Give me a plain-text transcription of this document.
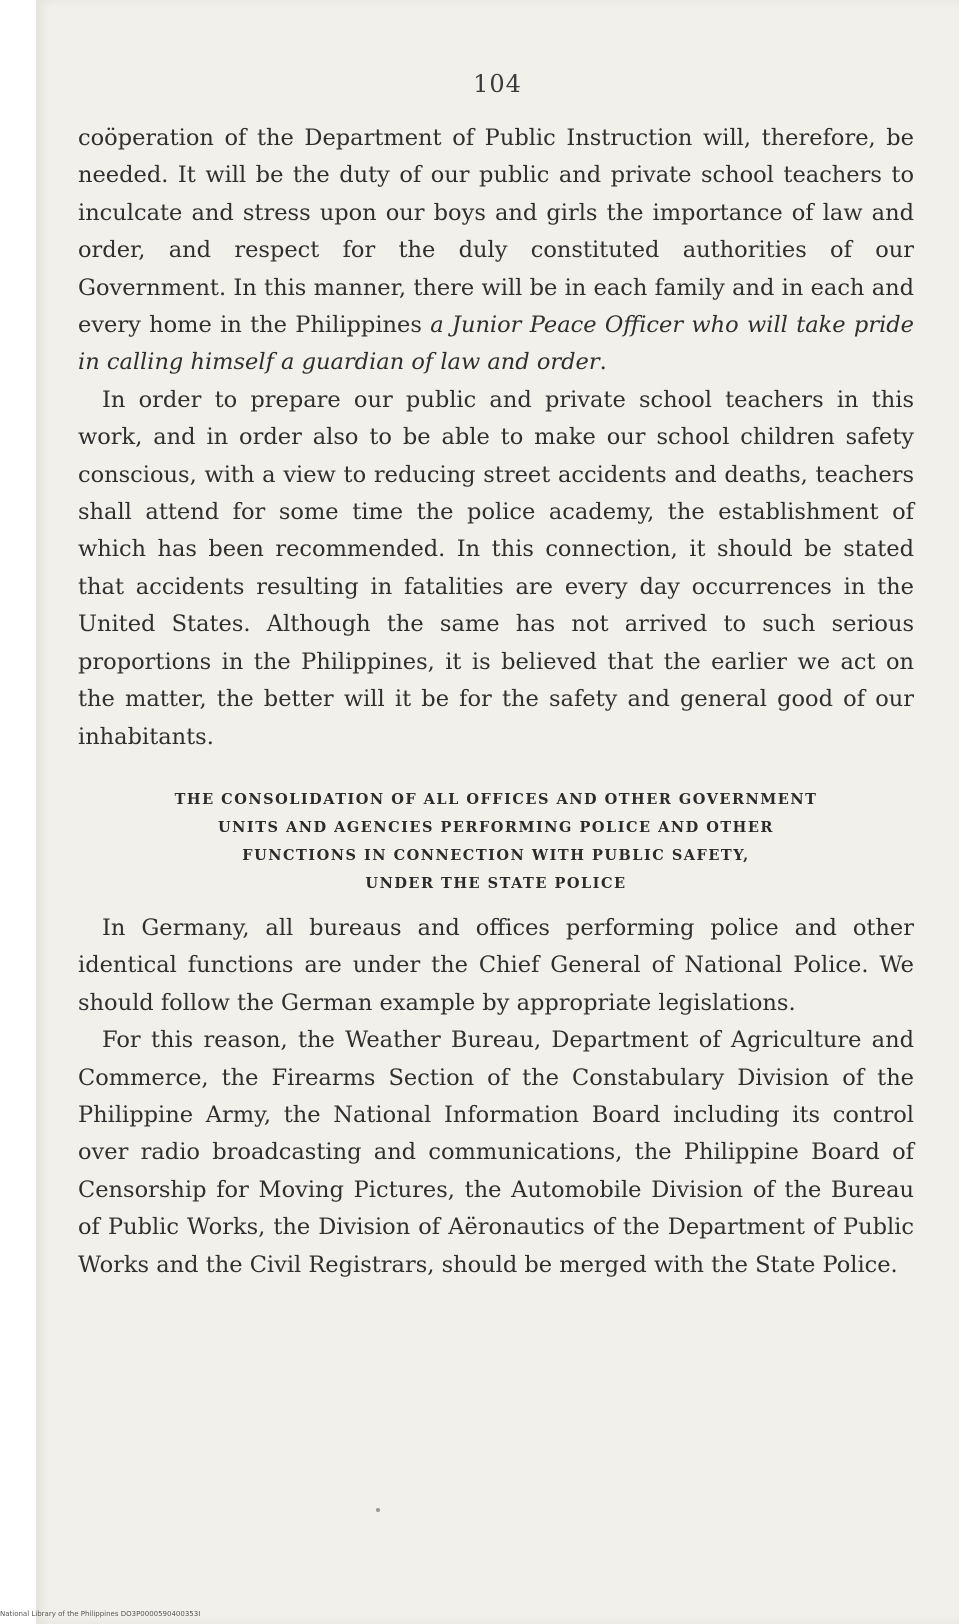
104

coöperation of the Department of Public Instruction will, therefore, be needed. It will be the duty of our public and private school teachers to inculcate and stress upon our boys and girls the importance of law and order, and respect for the duly constituted authorities of our Government. In this manner, there will be in each family and in each and every home in the Philippines a Junior Peace Officer who will take pride in calling himself a guardian of law and order.

In order to prepare our public and private school teachers in this work, and in order also to be able to make our school children safety conscious, with a view to reducing street accidents and deaths, teachers shall attend for some time the police academy, the establishment of which has been recommended. In this connection, it should be stated that accidents resulting in fatalities are every day occurrences in the United States. Although the same has not arrived to such serious proportions in the Philippines, it is believed that the earlier we act on the matter, the better will it be for the safety and general good of our inhabitants.

THE CONSOLIDATION OF ALL OFFICES AND OTHER GOVERNMENT
UNITS AND AGENCIES PERFORMING POLICE AND OTHER
FUNCTIONS IN CONNECTION WITH PUBLIC SAFETY,
UNDER THE STATE POLICE

In Germany, all bureaus and offices performing police and other identical functions are under the Chief General of National Police. We should follow the German example by appropriate legislations.

For this reason, the Weather Bureau, Department of Agriculture and Commerce, the Firearms Section of the Constabulary Division of the Philippine Army, the National Information Board including its control over radio broadcasting and communications, the Philippine Board of Censorship for Moving Pictures, the Automobile Division of the Bureau of Public Works, the Division of Aëronautics of the Department of Public Works and the Civil Registrars, should be merged with the State Police.

National Library of the Philippines DO3P0000590400353I
